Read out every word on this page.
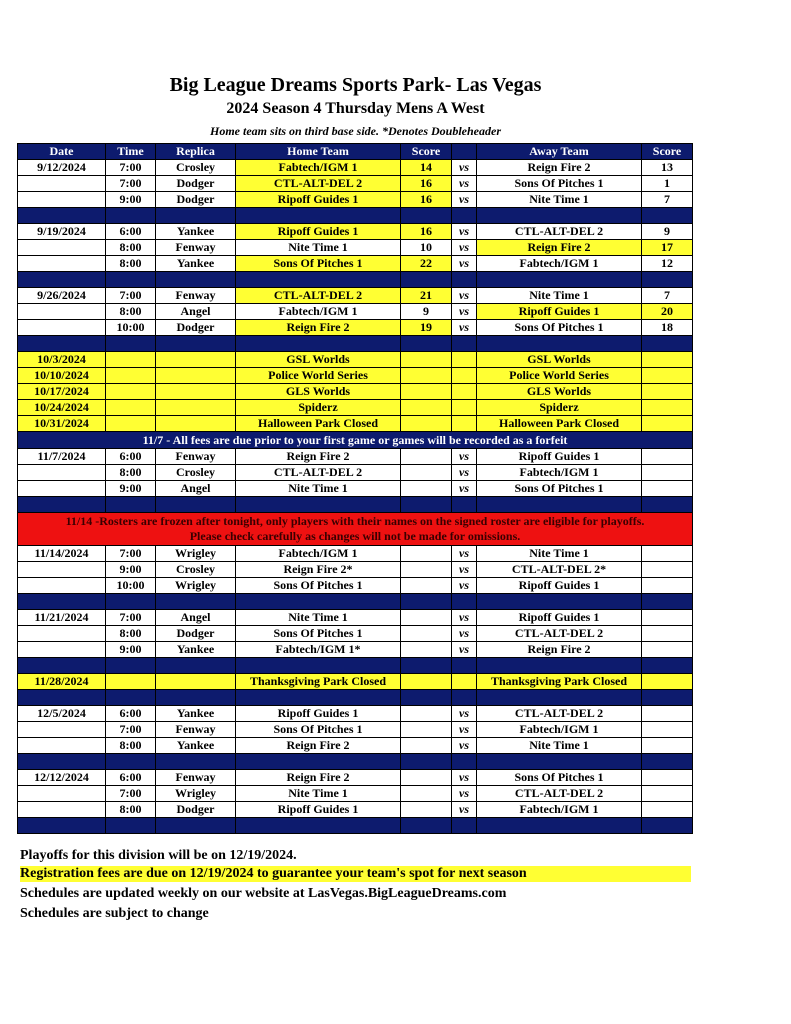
Big League Dreams Sports Park- Las Vegas
2024 Season 4 Thursday Mens A West
Home team sits on third base side. *Denotes Doubleheader
Date	Time	Replica	Home Team	Score		Away Team	Score
9/12/2024	7:00	Crosley	Fabtech/IGM 1	14	vs	Reign Fire 2	13
	7:00	Dodger	CTL-ALT-DEL 2	16	vs	Sons Of Pitches 1	1
	9:00	Dodger	Ripoff Guides 1	16	vs	Nite Time 1	7

9/19/2024	6:00	Yankee	Ripoff Guides 1	16	vs	CTL-ALT-DEL 2	9
	8:00	Fenway	Nite Time 1	10	vs	Reign Fire 2	17
	8:00	Yankee	Sons Of Pitches 1	22	vs	Fabtech/IGM 1	12

9/26/2024	7:00	Fenway	CTL-ALT-DEL 2	21	vs	Nite Time 1	7
	8:00	Angel	Fabtech/IGM 1	9	vs	Ripoff Guides 1	20
	10:00	Dodger	Reign Fire 2	19	vs	Sons Of Pitches 1	18

10/3/2024			GSL Worlds			GSL Worlds	
10/10/2024			Police World Series			Police World Series	
10/17/2024			GLS Worlds			GLS Worlds	
10/24/2024			Spiderz			Spiderz	
10/31/2024			Halloween Park Closed			Halloween Park Closed	
11/7 - All fees are due prior to your first game or games will be recorded as a forfeit							
11/7/2024	6:00	Fenway	Reign Fire 2		vs	Ripoff Guides 1	
	8:00	Crosley	CTL-ALT-DEL 2		vs	Fabtech/IGM 1	
	9:00	Angel	Nite Time 1		vs	Sons Of Pitches 1	

11/14 -Rosters are frozen after tonight, only players with their names on the signed roster are eligible for playoffs.
Please check carefully as changes will not be made for omissions.							

11/14/2024	7:00	Wrigley	Fabtech/IGM 1		vs	Nite Time 1	
	9:00	Crosley	Reign Fire 2*		vs	CTL-ALT-DEL 2*	
	10:00	Wrigley	Sons Of Pitches 1		vs	Ripoff Guides 1	

11/21/2024	7:00	Angel	Nite Time 1		vs	Ripoff Guides 1	
	8:00	Dodger	Sons Of Pitches 1		vs	CTL-ALT-DEL 2	
	9:00	Yankee	Fabtech/IGM 1*		vs	Reign Fire 2	

11/28/2024			Thanksgiving Park Closed			Thanksgiving Park Closed	

12/5/2024	6:00	Yankee	Ripoff Guides 1		vs	CTL-ALT-DEL 2	
	7:00	Fenway	Sons Of Pitches 1		vs	Fabtech/IGM 1	
	8:00	Yankee	Reign Fire 2		vs	Nite Time 1	

12/12/2024	6:00	Fenway	Reign Fire 2		vs	Sons Of Pitches 1	
	7:00	Wrigley	Nite Time 1		vs	CTL-ALT-DEL 2	
	8:00	Dodger	Ripoff Guides 1		vs	Fabtech/IGM 1	

Playoffs for this division will be on 12/19/2024.
Registration fees are due on 12/19/2024 to guarantee your team's spot for next season
Schedules are updated weekly on our website at LasVegas.BigLeagueDreams.com
Schedules are subject to change
